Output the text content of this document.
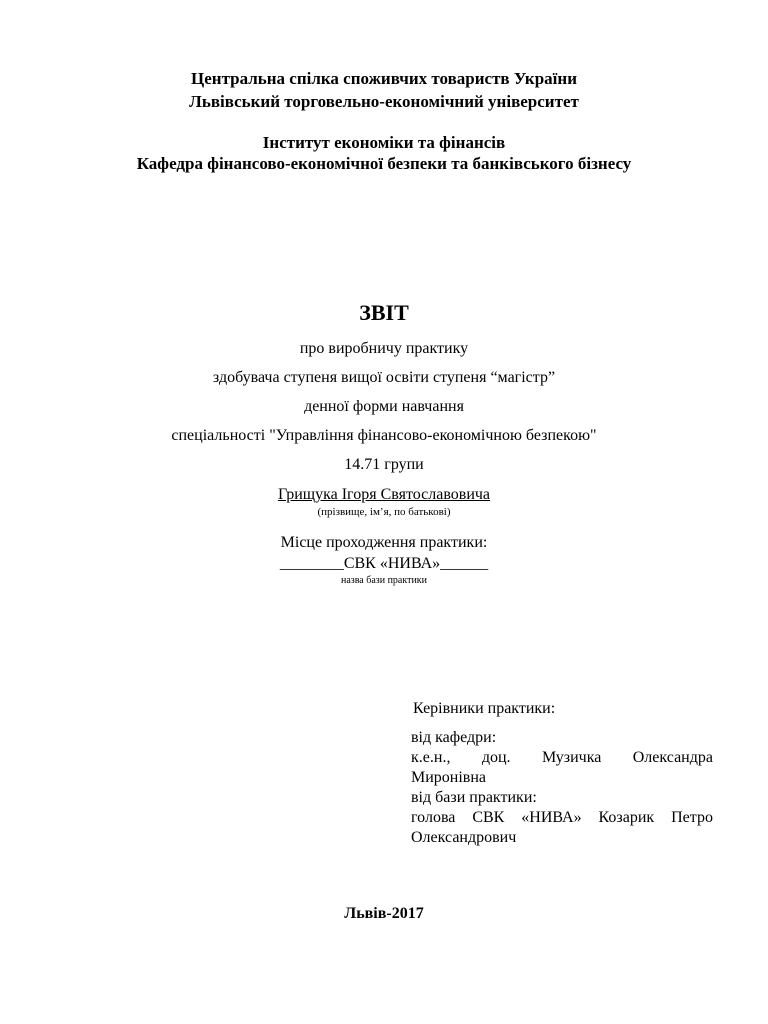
Центральна спілка споживчих товариств України
Львівський торговельно-економічний університет
Інститут економіки та фінансів
Кафедра фінансово-економічної безпеки та банківського бізнесу
ЗВІТ
про виробничу практику
здобувача ступеня вищої освіти ступеня “магістр”
денної форми навчання
спеціальності "Управління фінансово-економічною безпекою"
14.71 групи
Грищука Ігоря Святославовича
(прізвище, ім’я, по батькові)
Місце проходження практики:
________СВК «НИВА»______
назва бази практики
Керівники практики:
від кафедри:
к.е.н., доц. Музичка Олександра
Миронівна
від бази практики:
голова СВК «НИВА» Козарик Петро
Олександрович
Львів-2017
